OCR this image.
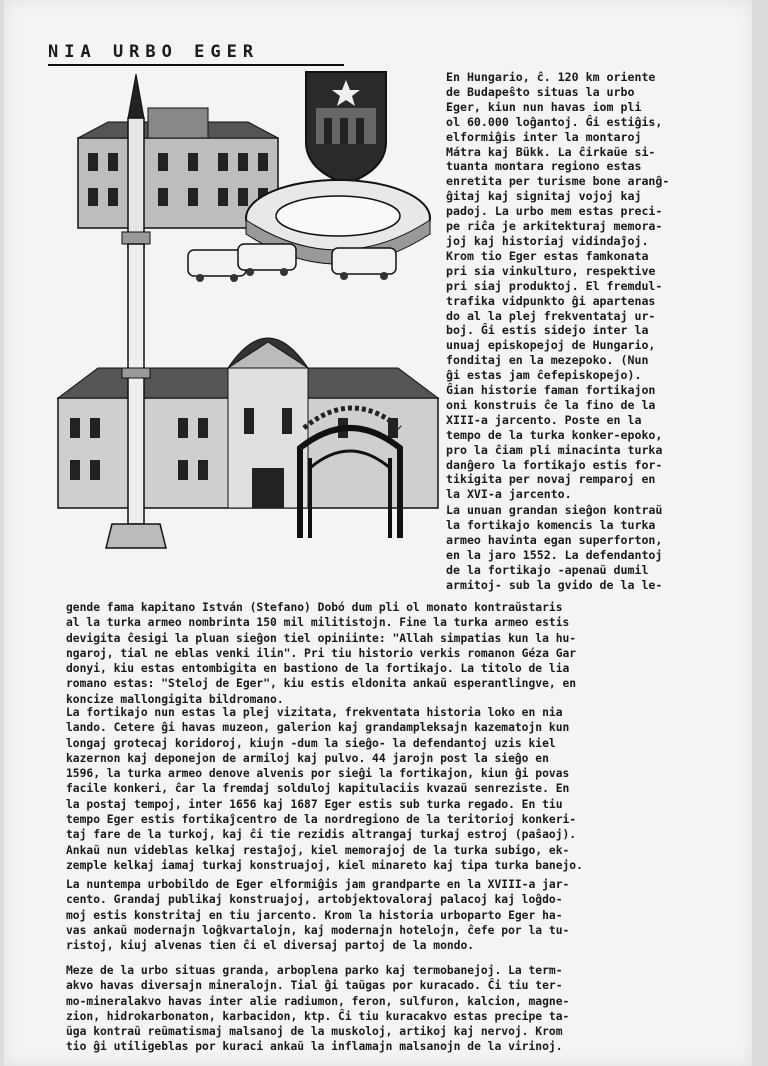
NIA URBO EGER
En Hungario, ĉ. 120 km oriente
de Budapeŝto situas la urbo
Eger, kiun nun havas iom pli
ol 60.000 loĝantoj. Ĝi estiĝis,
elformiĝis inter la montaroj
Mátra kaj Bükk. La ĉirkaŭe si-
tuanta montara regiono estas
enretita per turisme bone aranĝ-
ĝitaj kaj signitaj vojoj kaj
padoj. La urbo mem estas preci-
pe riĉa je arkitekturaj memora-
joj kaj historiaj vidindaĵoj.
Krom tio Eger estas famkonata
pri sia vinkulturo, respektive
pri siaj produktoj. El fremdul-
trafika vidpunkto ĝi apartenas
do al la plej frekventataj ur-
boj. Ĝi estis sidejo inter la
unuaj episkopejoj de Hungario,
fonditaj en la mezepoko. (Nun
ĝi estas jam ĉefepiskopejo).
Ĝian historie faman fortikajon
oni konstruis ĉe la fino de la
XIII-a jarcento. Poste en la
tempo de la turka konker-epoko,
pro la ĉiam pli minacinta turka
danĝero la fortikajo estis for-
tikigita per novaj remparoj en
la XVI-a jarcento.

La unuan grandan sieĝon kontraŭ
la fortikajo komencis la turka
armeo havinta egan superforton,
en la jaro 1552. La defendantoj
de la fortikajo -apenaŭ dumil
armitoj- sub la gvido de la le-

gende fama kapitano István (Stefano) Dobó dum pli ol monato kontraŭstaris
al la turka armeo nombrinta 150 mil militistojn. Fine la turka armeo estis
devigita ĉesigi la pluan sieĝon tiel opiniinte: "Allah simpatias kun la hu-
ngaroj, tial ne eblas venki ilin". Pri tiu historio verkis romanon Géza Gar
donyi, kiu estas entombigita en bastiono de la fortikajo. La titolo de lia
romano estas: "Steloj de Eger", kiu estis eldonita ankaŭ esperantlingve, en
koncize mallongigita bildromano.

La fortikajo nun estas la plej vizitata, frekventata historia loko en nia
lando. Cetere ĝi havas muzeon, galerion kaj grandampleksajn kazematojn kun
longaj grotecaj koridoroj, kiujn -dum la sieĝo- la defendantoj uzis kiel
kazernon kaj deponejon de armiloj kaj pulvo. 44 jarojn post la sieĝo en
1596, la turka armeo denove alvenis por sieĝi la fortikajon, kiun ĝi povas
facile konkeri, ĉar la fremdaj solduloj kapitulaciis kvazaŭ senreziste. En
la postaj tempoj, inter 1656 kaj 1687 Eger estis sub turka regado. En tiu
tempo Eger estis fortikaĵcentro de la nordregiono de la teritorioj konkeri-
taj fare de la turkoj, kaj ĉi tie rezidis altrangaj turkaj estroj (paŝaoj).
Ankaŭ nun videblas kelkaj restaĵoj, kiel memorajoj de la turka subigo, ek-
zemple kelkaj iamaj turkaj konstruajoj, kiel minareto kaj tipa turka banejo.

La nuntempa urbobildo de Eger elformiĝis jam grandparte en la XVIII-a jar-
cento. Grandaj publikaj konstruajoj, artobjektovaloraj palacoj kaj loĝdo-
moj estis konstritaj en tiu jarcento. Krom la historia urboparto Eger ha-
vas ankaŭ modernajn loĝkvartalojn, kaj modernajn hotelojn, ĉefe por la tu-
ristoj, kiuj alvenas tien ĉi el diversaj partoj de la mondo.

Meze de la urbo situas granda, arboplena parko kaj termobanejoj. La term-
akvo havas diversajn mineralojn. Tial ĝi taŭgas por kuracado. Ĉi tiu ter-
mo-mineralakvo havas inter alie radiumon, feron, sulfuron, kalcion, magne-
zion, hidrokarbonaton, karbacidon, ktp. Ĉi tiu kuracakvo estas precipe ta-
ŭga kontraŭ reŭmatismaj malsanoj de la muskoloj, artikoj kaj nervoj. Krom
tio ĝi utiligeblas por kuraci ankaŭ la inflamajn malsanojn de la virinoj.
